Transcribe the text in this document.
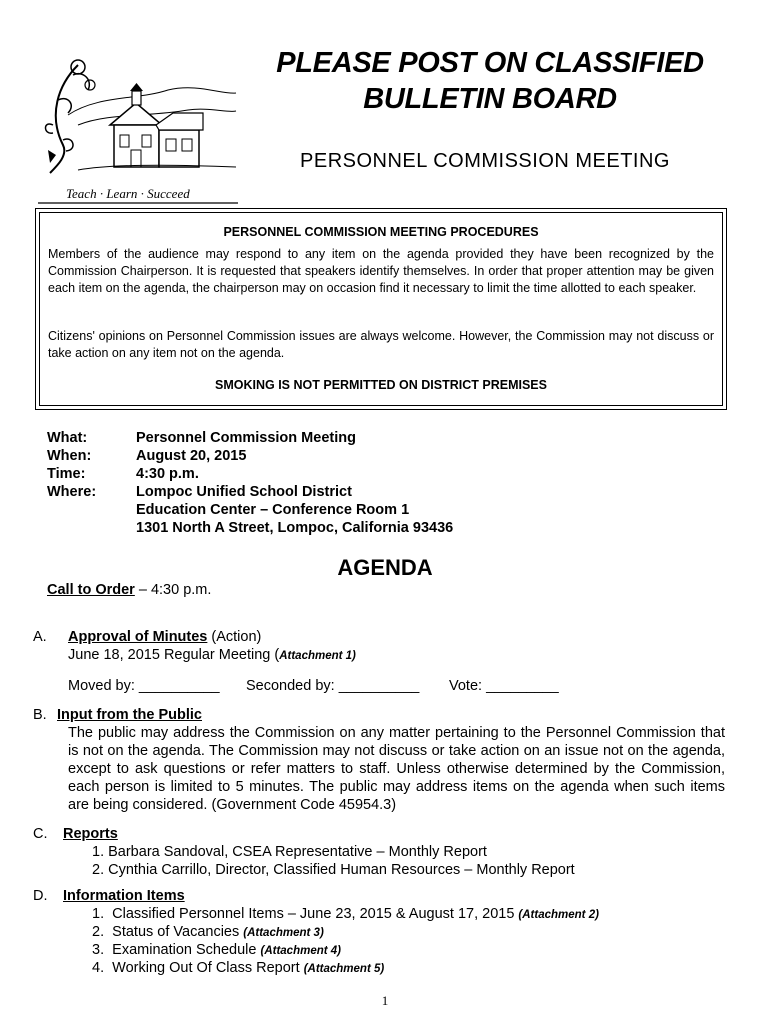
Teach · Learn · Succeed
PLEASE POST ON CLASSIFIED
BULLETIN BOARD
PERSONNEL COMMISSION MEETING
PERSONNEL COMMISSION MEETING PROCEDURES
Members of the audience may respond to any item on the agenda provided they have been recognized by the Commission Chairperson. It is requested that speakers identify themselves. In order that proper attention may be given each item on the agenda, the chairperson may on occasion find it necessary to limit the time allotted to each speaker.
Citizens' opinions on Personnel Commission issues are always welcome. However, the Commission may not discuss or take action on any item not on the agenda.
SMOKING IS NOT PERMITTED ON DISTRICT PREMISES
What:	Personnel Commission Meeting
When:	August 20, 2015
Time:	4:30 p.m.
Where:	Lompoc Unified School District
Education Center – Conference Room 1
1301 North A Street, Lompoc, California 93436
AGENDA
Call to Order – 4:30 p.m.
A. Approval of Minutes (Action)
June 18, 2015 Regular Meeting (Attachment 1)
Moved by: __________ Seconded by: __________ Vote: _________
B. Input from the Public
The public may address the Commission on any matter pertaining to the Personnel Commission that is not on the agenda. The Commission may not discuss or take action on an issue not on the agenda, except to ask questions or refer matters to staff. Unless otherwise determined by the Commission, each person is limited to 5 minutes. The public may address items on the agenda when such items are being considered. (Government Code 45954.3)
C. Reports
1. Barbara Sandoval, CSEA Representative – Monthly Report
2. Cynthia Carrillo, Director, Classified Human Resources – Monthly Report
D. Information Items
1. Classified Personnel Items – June 23, 2015 & August 17, 2015 (Attachment 2)
2. Status of Vacancies (Attachment 3)
3. Examination Schedule (Attachment 4)
4. Working Out Of Class Report (Attachment 5)
1
